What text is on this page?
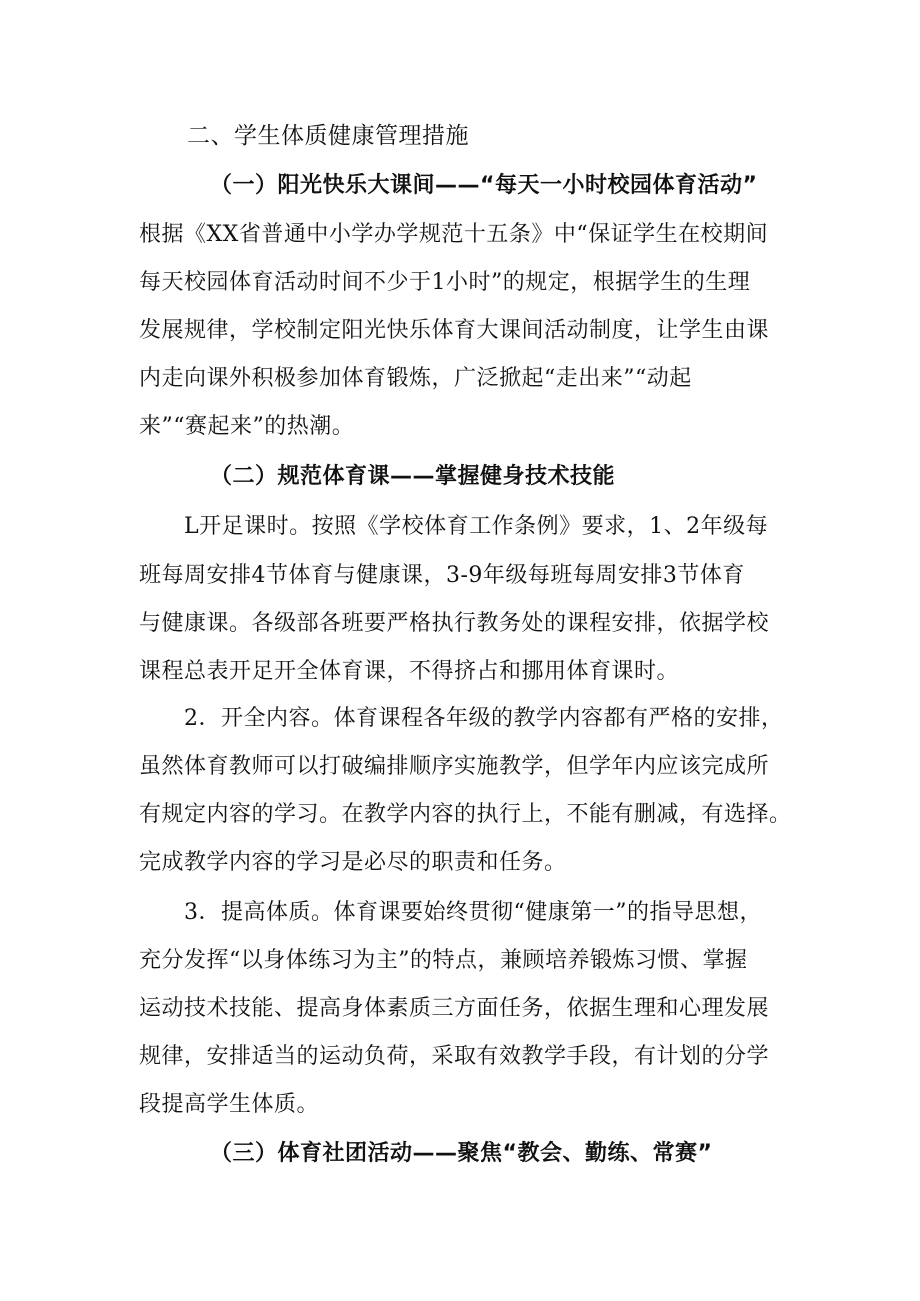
二、学生体质健康管理措施
（一）阳光快乐大课间——“每天一小时校园体育活动”
根据《XX省普通中小学办学规范十五条》中“保证学生在校期间
每天校园体育活动时间不少于1小时”的规定，根据学生的生理
发展规律，学校制定阳光快乐体育大课间活动制度，让学生由课
内走向课外积极参加体育锻炼，广泛掀起“走出来”“动起
来”“赛起来”的热潮。
（二）规范体育课——掌握健身技术技能
L开足课时。按照《学校体育工作条例》要求，1、2年级每
班每周安排4节体育与健康课，3-9年级每班每周安排3节体育
与健康课。各级部各班要严格执行教务处的课程安排，依据学校
课程总表开足开全体育课，不得挤占和挪用体育课时。
2．开全内容。体育课程各年级的教学内容都有严格的安排，
虽然体育教师可以打破编排顺序实施教学，但学年内应该完成所
有规定内容的学习。在教学内容的执行上，不能有删减，有选择。
完成教学内容的学习是必尽的职责和任务。
3．提高体质。体育课要始终贯彻“健康第一”的指导思想，
充分发挥“以身体练习为主”的特点，兼顾培养锻炼习惯、掌握
运动技术技能、提高身体素质三方面任务，依据生理和心理发展
规律，安排适当的运动负荷，采取有效教学手段，有计划的分学
段提高学生体质。
（三）体育社团活动——聚焦“教会、勤练、常赛”
